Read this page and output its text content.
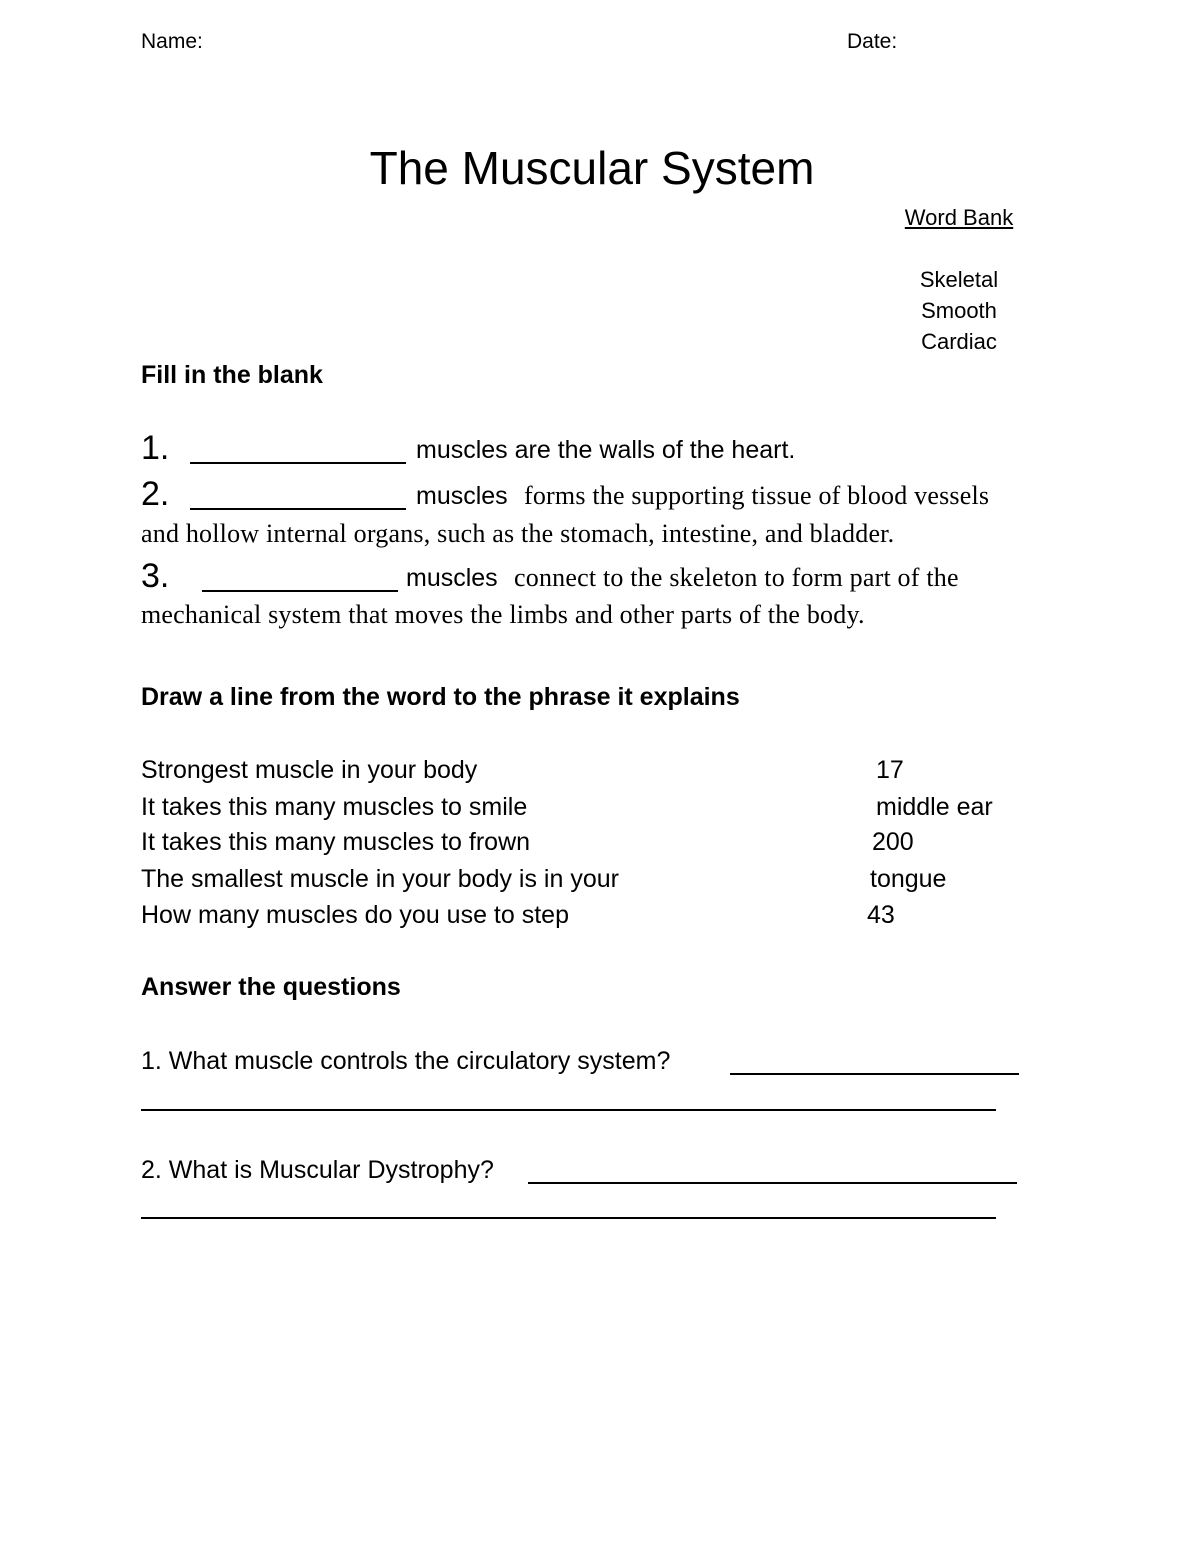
Name:	Date:
The Muscular System
Word Bank
Skeletal
Smooth
Cardiac
Fill in the blank
1.	muscles are the walls of the heart.
2.	muscles forms the supporting tissue of blood vessels
and hollow internal organs, such as the stomach, intestine, and bladder.
3.	muscles connect to the skeleton to form part of the
mechanical system that moves the limbs and other parts of the body.
Draw a line from the word to the phrase it explains
Strongest muscle in your body
It takes this many muscles to smile
It takes this many muscles to frown
The smallest muscle in your body is in your
How many muscles do you use to step
17
middle ear
200
tongue
43
Answer the questions
1. What muscle controls the circulatory system?
2. What is Muscular Dystrophy?
